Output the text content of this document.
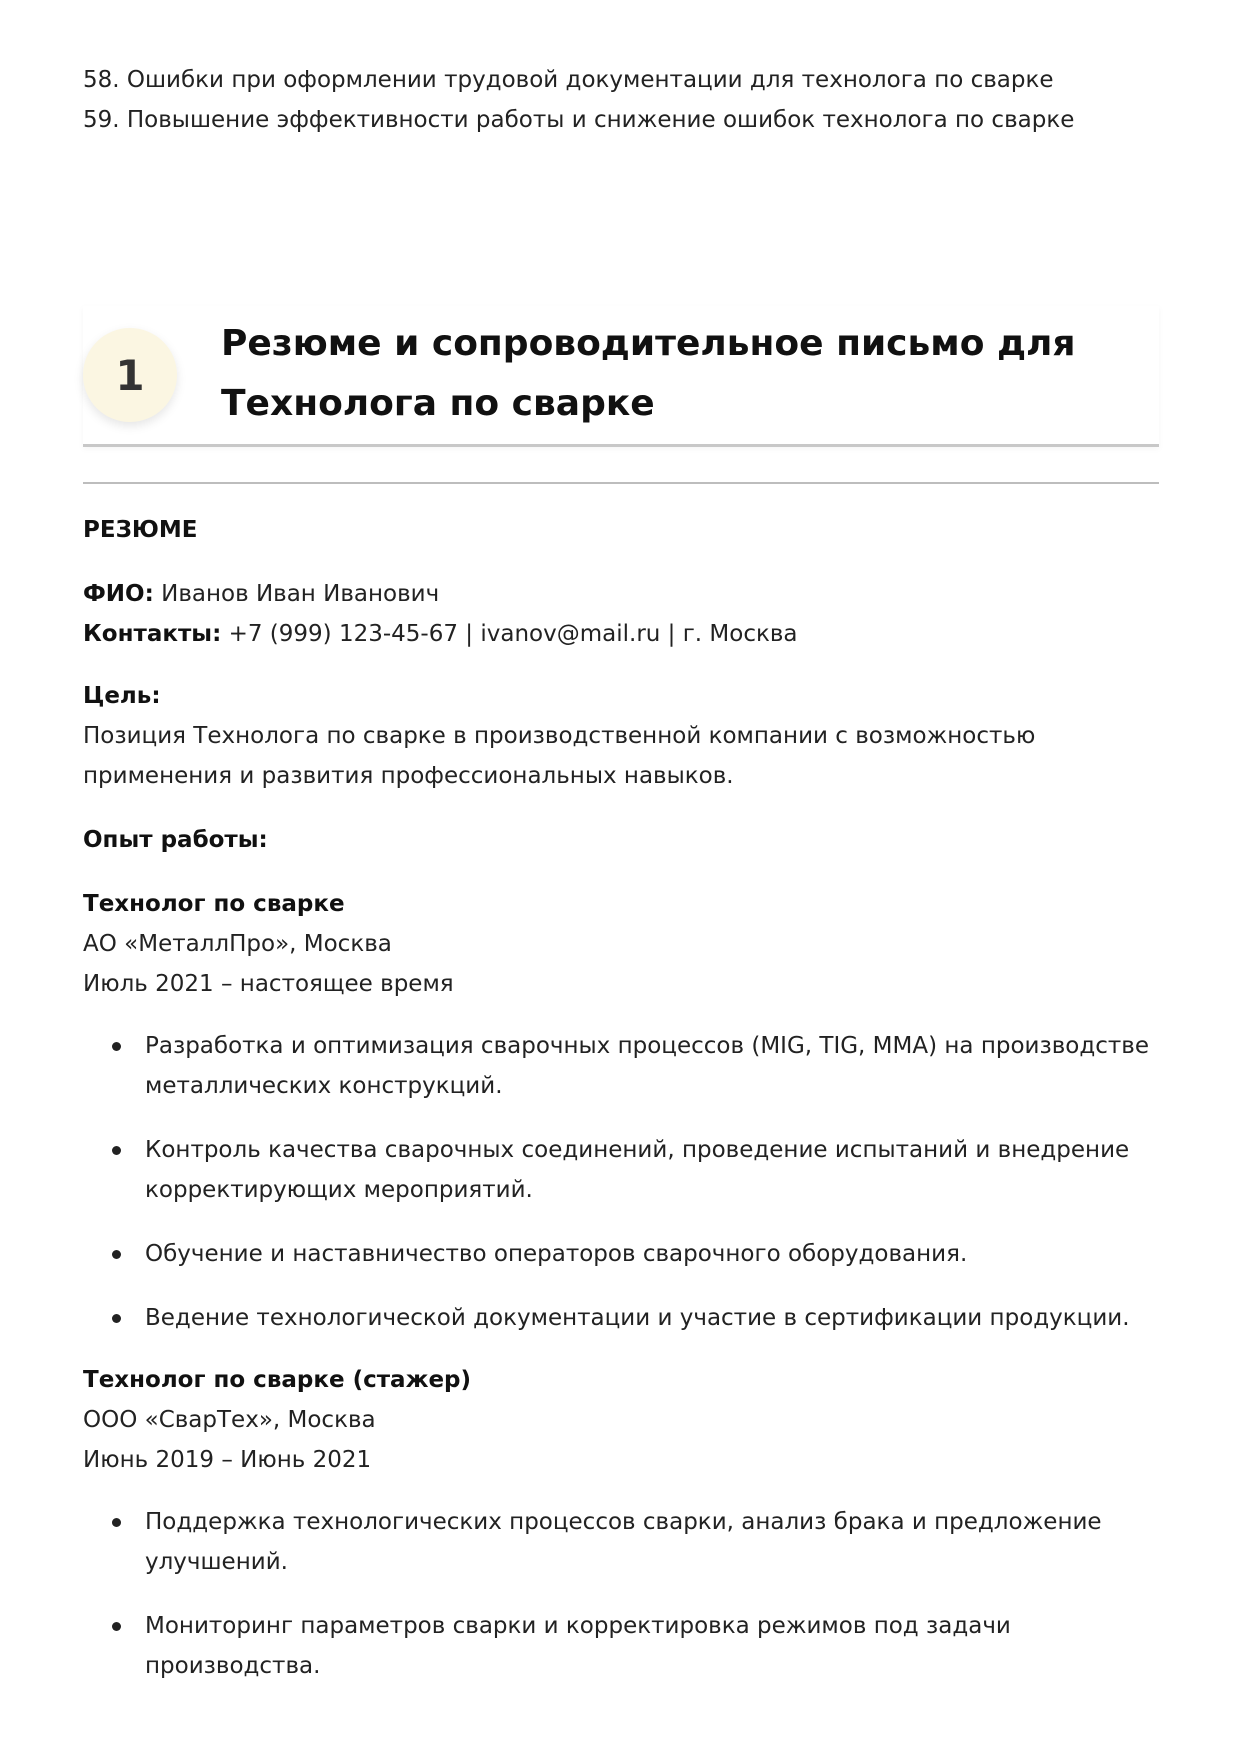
58. Ошибки при оформлении трудовой документации для технолога по сварке
59. Повышение эффективности работы и снижение ошибок технолога по сварке
1
Резюме и сопроводительное письмо для Технолога по сварке

РЕЗЮМЕ

ФИО: Иванов Иван Иванович

Контакты: +7 (999) 123-45-67 | ivanov@mail.ru | г. Москва

Цель:

Позиция Технолога по сварке в производственной компании с возможностью применения и развития профессиональных навыков.

Опыт работы:

Технолог по сварке

АО «МеталлПро», Москва

Июль 2021 – настоящее время

Разработка и оптимизация сварочных процессов (MIG, TIG, MMA) на производстве металлических конструкций.
Контроль качества сварочных соединений, проведение испытаний и внедрение корректирующих мероприятий.
Обучение и наставничество операторов сварочного оборудования.
Ведение технологической документации и участие в сертификации продукции.

Технолог по сварке (стажер)

ООО «СварТех», Москва

Июнь 2019 – Июнь 2021

Поддержка технологических процессов сварки, анализ брака и предложение улучшений.
Мониторинг параметров сварки и корректировка режимов под задачи производства.
